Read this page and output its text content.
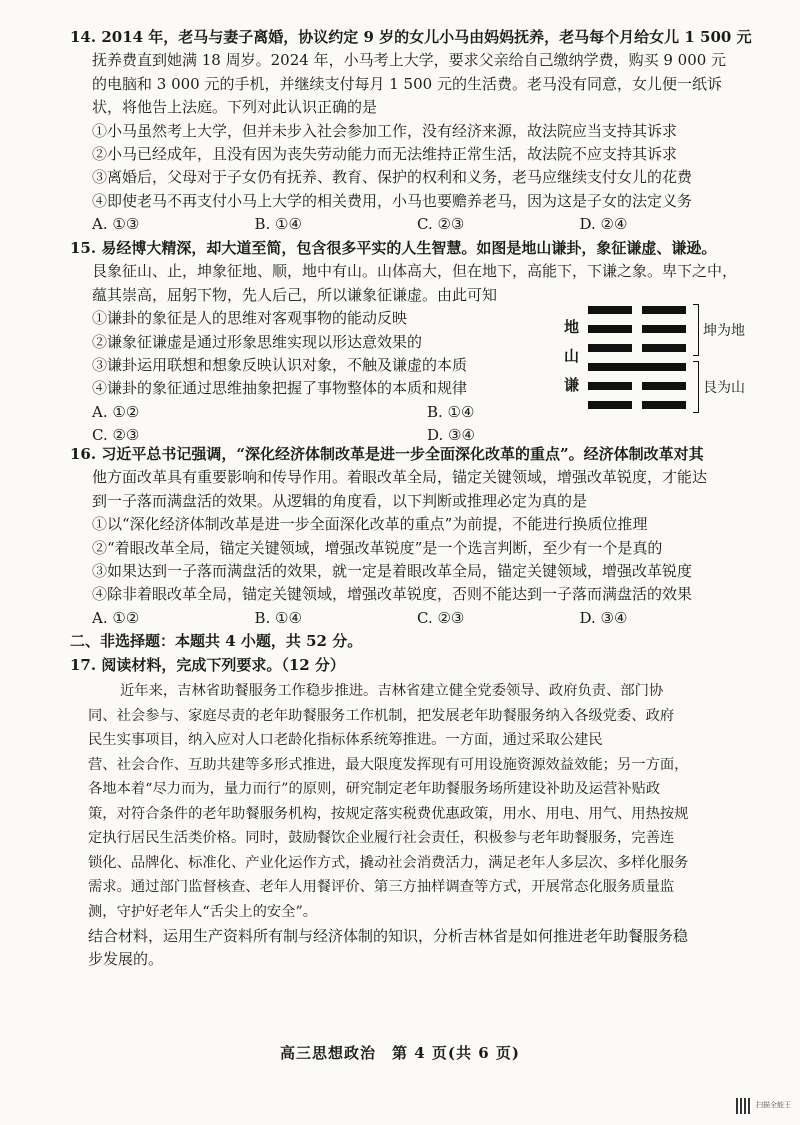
14. 2014 年，老马与妻子离婚，协议约定 9 岁的女儿小马由妈妈抚养，老马每个月给女儿 1 500 元
抚养费直到她满 18 周岁。2024 年，小马考上大学，要求父亲给自己缴纳学费，购买 9 000 元
的电脑和 3 000 元的手机，并继续支付每月 1 500 元的生活费。老马没有同意，女儿便一纸诉
状，将他告上法庭。下列对此认识正确的是
①小马虽然考上大学，但并未步入社会参加工作，没有经济来源，故法院应当支持其诉求
②小马已经成年，且没有因为丧失劳动能力而无法维持正常生活，故法院不应支持其诉求
③离婚后，父母对于子女仍有抚养、教育、保护的权利和义务，老马应继续支付女儿的花费
④即使老马不再支付小马上大学的相关费用，小马也要赡养老马，因为这是子女的法定义务
A. ①③	B. ①④	C. ②③	D. ②④
15. 易经博大精深，却大道至简，包含很多平实的人生智慧。如图是地山谦卦，象征谦虚、谦逊。
艮象征山、止，坤象征地、顺，地中有山。山体高大，但在地下，高能下，下谦之象。卑下之中，
蕴其崇高，屈躬下物，先人后己，所以谦象征谦虚。由此可知
①谦卦的象征是人的思维对客观事物的能动反映
②谦象征谦虚是通过形象思维实现以形达意效果的
③谦卦运用联想和想象反映认识对象，不触及谦虚的本质
④谦卦的象征通过思维抽象把握了事物整体的本质和规律
A. ①②	B. ①④
C. ②③	D. ③④
地
山
谦
坤为地
艮为山
16. 习近平总书记强调，“深化经济体制改革是进一步全面深化改革的重点”。经济体制改革对其
他方面改革具有重要影响和传导作用。着眼改革全局，锚定关键领域，增强改革锐度，才能达
到一子落而满盘活的效果。从逻辑的角度看，以下判断或推理必定为真的是
①以“深化经济体制改革是进一步全面深化改革的重点”为前提，不能进行换质位推理
②“着眼改革全局，锚定关键领域，增强改革锐度”是一个选言判断，至少有一个是真的
③如果达到一子落而满盘活的效果，就一定是着眼改革全局，锚定关键领域，增强改革锐度
④除非着眼改革全局，锚定关键领域，增强改革锐度，否则不能达到一子落而满盘活的效果
A. ①②	B. ①④	C. ②③	D. ③④
二、非选择题：本题共 4 小题，共 52 分。
17. 阅读材料，完成下列要求。（12 分）
近年来，吉林省助餐服务工作稳步推进。吉林省建立健全党委领导、政府负责、部门协
同、社会参与、家庭尽责的老年助餐服务工作机制，把发展老年助餐服务纳入各级党委、政府
民生实事项目，纳入应对人口老龄化指标体系统筹推进。一方面，通过采取公建民
营、社会合作、互助共建等多形式推进，最大限度发挥现有可用设施资源效益效能；另一方面，
各地本着“尽力而为，量力而行”的原则，研究制定老年助餐服务场所建设补助及运营补贴政
策，对符合条件的老年助餐服务机构，按规定落实税费优惠政策，用水、用电、用气、用热按规
定执行居民生活类价格。同时，鼓励餐饮企业履行社会责任，积极参与老年助餐服务，完善连
锁化、品牌化、标准化、产业化运作方式，撬动社会消费活力，满足老年人多层次、多样化服务
需求。通过部门监督核查、老年人用餐评价、第三方抽样调查等方式，开展常态化服务质量监
测，守护好老年人“舌尖上的安全”。
结合材料，运用生产资料所有制与经济体制的知识，分析吉林省是如何推进老年助餐服务稳
步发展的。
高三思想政治　第 4 页(共 6 页)
扫描全能王
